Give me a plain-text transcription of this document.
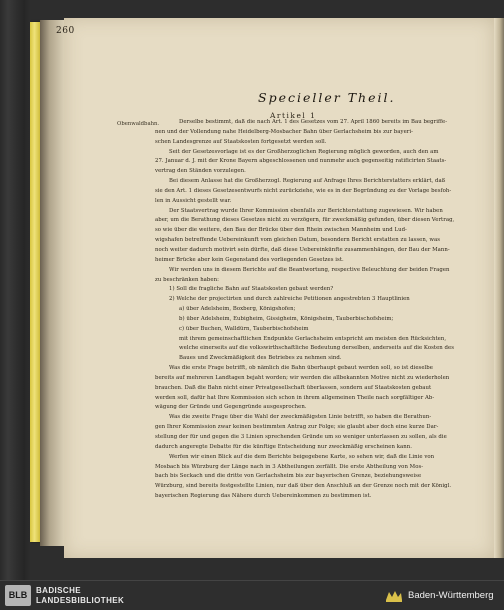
260
Specieller Theil.
Artikel 1
Obenwaldbahn.	Derselbe bestimmt, daß die nach Art. 1 des Gesetzes vom 27. April 1860 bereits im Bau begriffe-
nen und der Vollendung nahe Heidelberg-Mosbacher Bahn über Gerlachsheim bis zur bayeri-
schen Landesgrenze auf Staatskosten fortgesetzt werden soll.
Seit der Gesetzesvorlage ist es der Großherzoglichen Regierung möglich geworden, auch den am
27. Januar d. J. mit der Krone Bayern abgeschlossenen und nunmehr auch gegenseitig ratificirten Staats-
vertrag den Ständen vorzulegen.
Bei diesem Anlasse hat die Großherzogl. Regierung auf Anfrage Ihres Berichterstatters erklärt, daß
sie den Art. 1 dieses Gesetzesentwurfs nicht zurückziehe, wie es in der Begründung zu der Vorlage besfoh-
len in Aussicht gestellt war.
Der Staatsvertrag wurde Ihrer Kommission ebenfalls zur Berichterstattung zugewiesen. Wir haben
aber, um die Berathung dieses Gesetzes nicht zu verzögern, für zweckmäßig gefunden, über diesen Vertrag,
so wie über die weitere, den Bau der Brücke über den Rhein zwischen Mannheim und Lud-
wigshafen betreffende Uebereinkunft vom gleichen Datum, besondern Bericht erstatten zu lassen, was
noch weiter dadurch motivirt sein dürfte, daß diese Uebereinkünfte zusammenhängen, der Bau der Mann-
heimer Brücke aber kein Gegenstand des vorliegenden Gesetzes ist.
Wir werden uns in diesem Berichte auf die Beantwortung, respective Beleuchtung der beiden Fragen
zu beschränken haben:
1) Soll die fragliche Bahn auf Staatskosten gebaut werden?
2) Welche der projectirten und durch zahlreiche Petitionen angestrebten 3 Hauptlinien
a) über Adelsheim, Boxberg, Königshofen;
b) über Adelsheim, Eubigheim, Gissigheim, Königsheim, Tauberbischofsheim;
c) über Buchen, Walldürn, Tauberbischofsheim
mit ihrem gemeinschaftlichen Endpunkte Gerlachsheim entspricht am meisten den Rücksichten,
welche einerseits auf die volkswirthschaftliche Bedeutung derselben, anderseits auf die Kosten des
Baues und Zweckmäßigkeit des Betriebes zu nehmen sind.
Was die erste Frage betrifft, ob nämlich die Bahn überhaupt gebaut werden soll, so ist dieselbe
bereits auf mehreren Landtagen bejaht worden; wir werden die allbekannten Motive nicht zu wiederholen
brauchen. Daß die Bahn nicht einer Privatgesellschaft überlassen, sondern auf Staatskosten gebaut
werden soll, dafür hat Ihre Kommission sich schon in ihrem allgemeinen Theile nach sorgfältiger Ab-
wägung der Gründe und Gegengründe ausgesprochen.
Was die zweite Frage über die Wahl der zweckmäßigsten Linie betrifft, so haben die Berathun-
gen Ihrer Kommission zwar keinen bestimmten Antrag zur Folge; sie glaubt aber doch eine kurze Dar-
stellung der für und gegen die 3 Linien sprechenden Gründe um so weniger unterlassen zu sollen, als die
dadurch angeregte Debatte für die künftige Entscheidung nur zweckmäßig erscheinen kann.
Werfen wir einen Blick auf die dem Berichte beigegebene Karte, so sehen wir, daß die Linie von
Mosbach bis Würzburg der Länge nach in 3 Abtheilungen zerfällt. Die erste Abtheilung von Mos-
bach bis Seckach und die dritte von Gerlachsheim bis zur bayerischen Grenze, beziehungsweise
Würzburg, sind bereits festgestellte Linien, nur daß über den Anschluß an der Grenze noch mit der Königl.
bayerischen Regierung das Nähere durch Uebereinkommen zu bestimmen ist.
BLB	BADISCHE
LANDESBIBLIOTHEK	Baden-Württemberg
